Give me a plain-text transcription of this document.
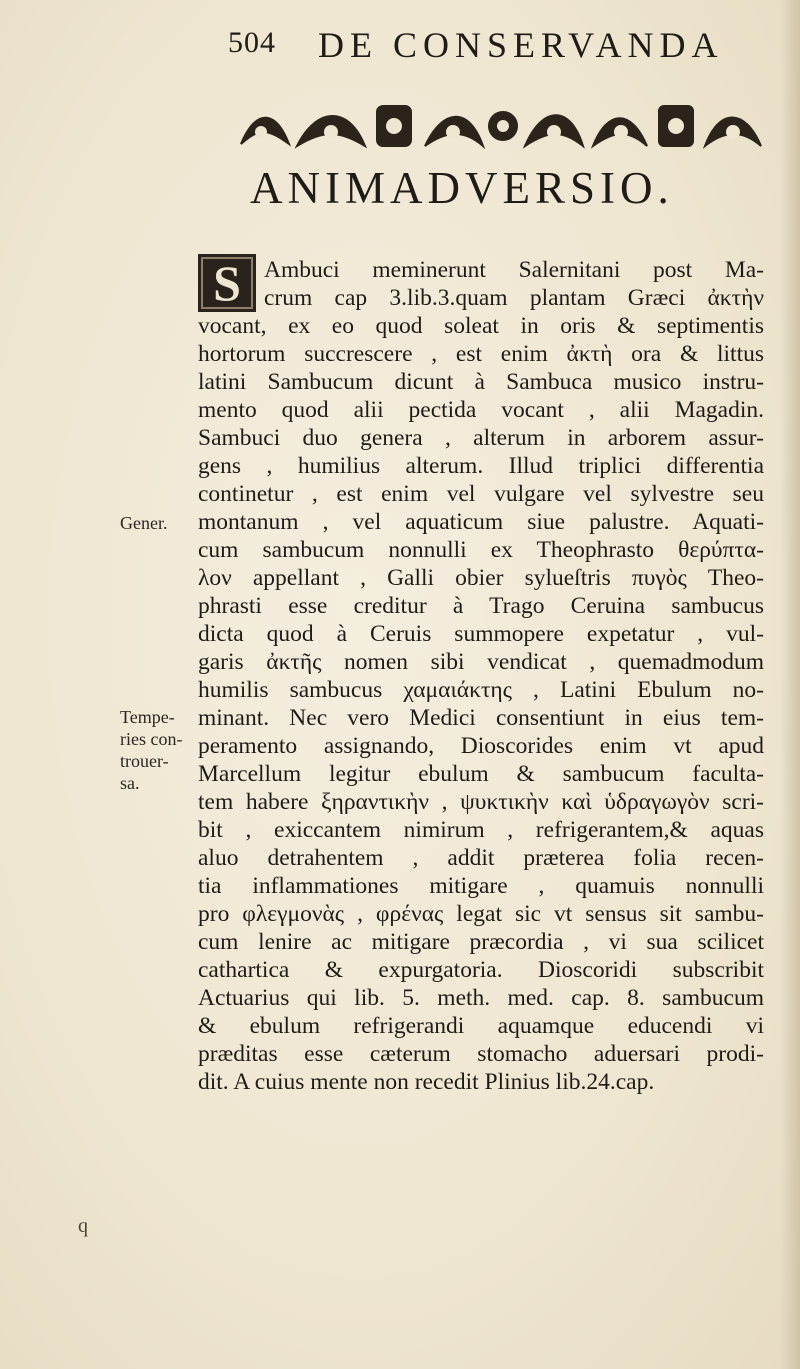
504 DE CONSERVANDA
ANIMADVERSIO.
S Ambuci meminerunt Salernitani post Ma-
crum cap 3.lib.3.quam plantam Græci ἀκτὴν
vocant, ex eo quod soleat in oris & septimentis
hortorum succrescere , est enim ἀκτὴ ora & littus
latini Sambucum dicunt à Sambuca musico instru-
mento quod alii pectida vocant , alii Magadin.
Sambuci duo genera , alterum in arborem assur-
gens , humilius alterum. Illud triplici differentia
continetur , est enim vel vulgare vel sylvestre seu
montanum , vel aquaticum siue palustre. Aquati-
cum sambucum nonnulli ex Theophrasto θερύπτα-
λον appellant , Galli obier sylueſtris πυγὸς Theo-
phrasti esse creditur à Trago Ceruina sambucus
dicta quod à Ceruis summopere expetatur , vul-
garis ἀκτῆς nomen sibi vendicat , quemadmodum
humilis sambucus χαμαιάκτης , Latini Ebulum no-
minant. Nec vero Medici consentiunt in eius tem-
peramento assignando, Dioscorides enim vt apud
Marcellum legitur ebulum & sambucum faculta-
tem habere ξηραντικὴν , ψυκτικὴν καὶ ὑδραγωγὸν scri-
bit , exiccantem nimirum , refrigerantem,& aquas
aluo detrahentem , addit præterea folia recen-
tia inflammationes mitigare , quamuis nonnulli
pro φλεγμονὰς , φρένας legat sic vt sensus sit sambu-
cum lenire ac mitigare præcordia , vi sua scilicet
cathartica & expurgatoria. Dioscoridi subscribit
Actuarius qui lib. 5. meth. med. cap. 8. sambucum
& ebulum refrigerandi aquamque educendi vi
præditas esse cæterum stomacho aduersari prodi-
dit. A cuius mente non recedit Plinius lib.24.cap.
Gener.
Tempe- ries con- trouer- sa.
q
